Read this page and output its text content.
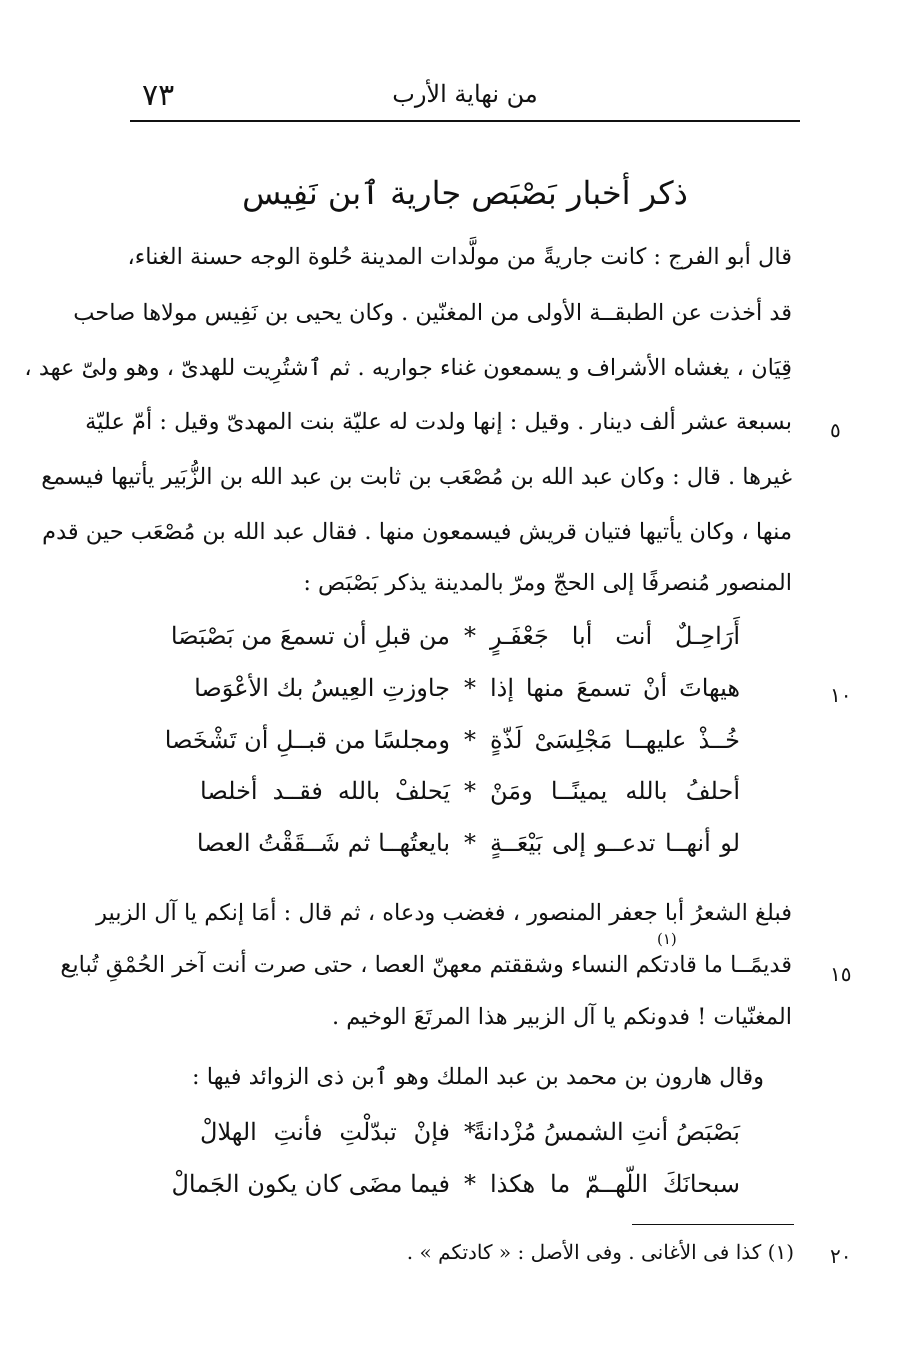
٧٣	من نهاية الأرب
ذكر أخبار بَصْبَص جارية ٱبن نَفِيس
قال أبو الفرج : كانت جاريةً من مولَّدات المدينة حُلوة الوجه حسنة الغناء،
قد أخذت عن الطبقــة الأولى من المغنّين . وكان يحيى بن نَفِيس مولاها صاحب
قِيَان ، يغشاه الأشراف و يسمعون غناء جواريه . ثم ٱشتُرِيت للهدىّ ، وهو ولىّ عهد ،
بسبعة عشر ألف دينار . وقيل : إنها ولدت له عليّة بنت المهدىّ وقيل : أمّ عليّة
غيرها . قال : وكان عبد الله بن مُصْعَب بن ثابت بن عبد الله بن الزُّبَير يأتيها فيسمع
منها ، وكان يأتيها فتيان قريش فيسمعون منها . فقال عبد الله بن مُصْعَب حين قدم
المنصور مُنصرفًا إلى الحجّ ومرّ بالمدينة يذكر بَصْبَص :
أَرَاحِـلٌ أنت أبا جَعْفَـرٍ
*
من قبلِ أن تسمعَ من بَصْبَصَا
هيهاتَ أنْ تسمعَ منها إذا
*
جاوزتِ العِيسُ بك الأعْوَصا
خُــذْ عليهــا مَجْلِسَىْ لَذّةٍ
*
ومجلسًا من قبــلِ أن تَشْخَصا
أحلفُ بالله يمينًــا ومَنْ
*
يَحلفْ بالله فقــد أخلصا
لو أنهــا تدعــو إلى بَيْعَــةٍ
*
بايعتُهــا ثم شَــقَقْتُ العصا
فبلغ الشعرُ أبا جعفر المنصور ، فغضب ودعاه ، ثم قال : أمَا إنكم يا آل الزبير
(١)
قديمًــا ما قادتكم النساء وشققتم معهنّ العصا ، حتى صرت أنت آخر الحُمْقِ تُبايع
المغنّيات ! فدونكم يا آل الزبير هذا المرتَعَ الوخيم .
وقال هارون بن محمد بن عبد الملك وهو ٱبن ذى الزوائد فيها :
بَصْبَصُ أنتِ الشمسُ مُزْدانةً
*
فإنْ تبدّلْتِ فأنتِ الهلالْ
سبحانَكَ اللّهــمّ ما هكذا
*
فيما مضَى كان يكون الجَمالْ
(١) كذا فى الأغانى . وفى الأصل : « كادتكم » .
٥
١٠
١٥
٢٠
